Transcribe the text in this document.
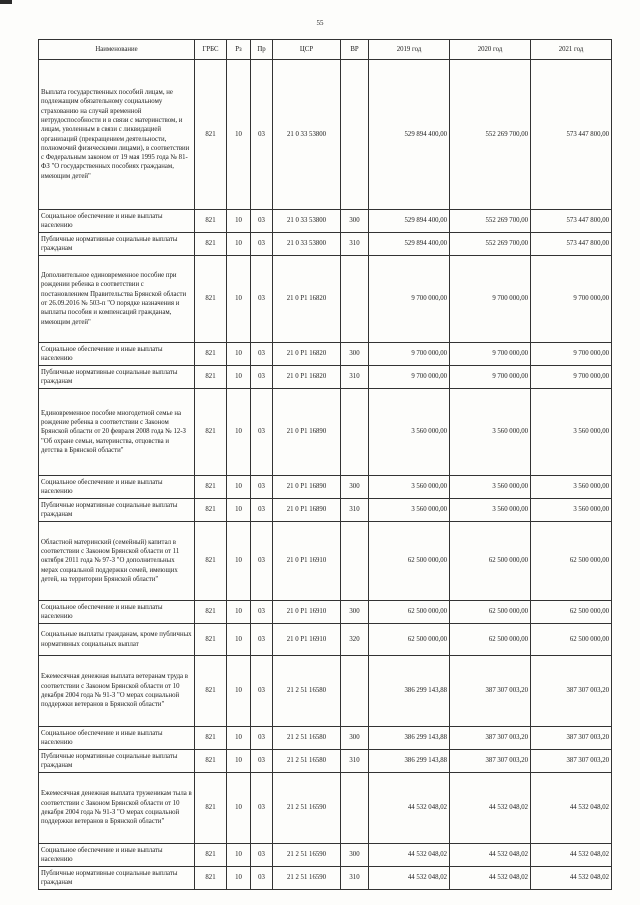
55
Наименование	ГРБС	Рз	Пр	ЦСР	ВР	2019 год	2020 год	2021 год
Выплата государственных пособий лицам, не подлежащим обязательному социальному страхованию на случай временной нетрудоспособности и в связи с материнством, и лицам, уволенным в связи с ликвидацией организаций (прекращением деятельности, полномочий физическими лицами), в соответствии с Федеральным законом от 19 мая 1995 года № 81-ФЗ "О государственных пособиях гражданам, имеющим детей"	821	10	03	21 0 33 53800		529 894 400,00	552 269 700,00	573 447 800,00
Социальное обеспечение и иные выплаты населению	821	10	03	21 0 33 53800	300	529 894 400,00	552 269 700,00	573 447 800,00
Публичные нормативные социальные выплаты гражданам	821	10	03	21 0 33 53800	310	529 894 400,00	552 269 700,00	573 447 800,00
Дополнительное единовременное пособие при рождении ребенка в соответствии с постановлением Правительства Брянской области от 26.09.2016 № 503-п "О порядке назначения и выплаты пособия и компенсаций гражданам, имеющим детей"	821	10	03	21 0 P1 16820		9 700 000,00	9 700 000,00	9 700 000,00
Социальное обеспечение и иные выплаты населению	821	10	03	21 0 P1 16820	300	9 700 000,00	9 700 000,00	9 700 000,00
Публичные нормативные социальные выплаты гражданам	821	10	03	21 0 P1 16820	310	9 700 000,00	9 700 000,00	9 700 000,00
Единовременное пособие многодетной семье на рождение ребенка в соответствии с Законом Брянской области от 20 февраля 2008 года № 12-З "Об охране семьи, материнства, отцовства и детства в Брянской области"	821	10	03	21 0 P1 16890		3 560 000,00	3 560 000,00	3 560 000,00
Социальное обеспечение и иные выплаты населению	821	10	03	21 0 P1 16890	300	3 560 000,00	3 560 000,00	3 560 000,00
Публичные нормативные социальные выплаты гражданам	821	10	03	21 0 P1 16890	310	3 560 000,00	3 560 000,00	3 560 000,00
Областной материнский (семейный) капитал в соответствии с Законом Брянской области от 11 октября 2011 года № 97-З "О дополнительных мерах социальной поддержки семей, имеющих детей, на территории Брянской области"	821	10	03	21 0 P1 16910		62 500 000,00	62 500 000,00	62 500 000,00
Социальное обеспечение и иные выплаты населению	821	10	03	21 0 P1 16910	300	62 500 000,00	62 500 000,00	62 500 000,00
Социальные выплаты гражданам, кроме публичных нормативных социальных выплат	821	10	03	21 0 P1 16910	320	62 500 000,00	62 500 000,00	62 500 000,00
Ежемесячная денежная выплата ветеранам труда в соответствии с Законом Брянской области от 10 декабря 2004 года № 91-З "О мерах социальной поддержки ветеранов в Брянской области"	821	10	03	21 2 51 16580		386 299 143,88	387 307 003,20	387 307 003,20
Социальное обеспечение и иные выплаты населению	821	10	03	21 2 51 16580	300	386 299 143,88	387 307 003,20	387 307 003,20
Публичные нормативные социальные выплаты гражданам	821	10	03	21 2 51 16580	310	386 299 143,88	387 307 003,20	387 307 003,20
Ежемесячная денежная выплата труженикам тыла в соответствии с Законом Брянской области от 10 декабря 2004 года № 91-З "О мерах социальной поддержки ветеранов в Брянской области"	821	10	03	21 2 51 16590		44 532 048,02	44 532 048,02	44 532 048,02
Социальное обеспечение и иные выплаты населению	821	10	03	21 2 51 16590	300	44 532 048,02	44 532 048,02	44 532 048,02
Публичные нормативные социальные выплаты гражданам	821	10	03	21 2 51 16590	310	44 532 048,02	44 532 048,02	44 532 048,02
